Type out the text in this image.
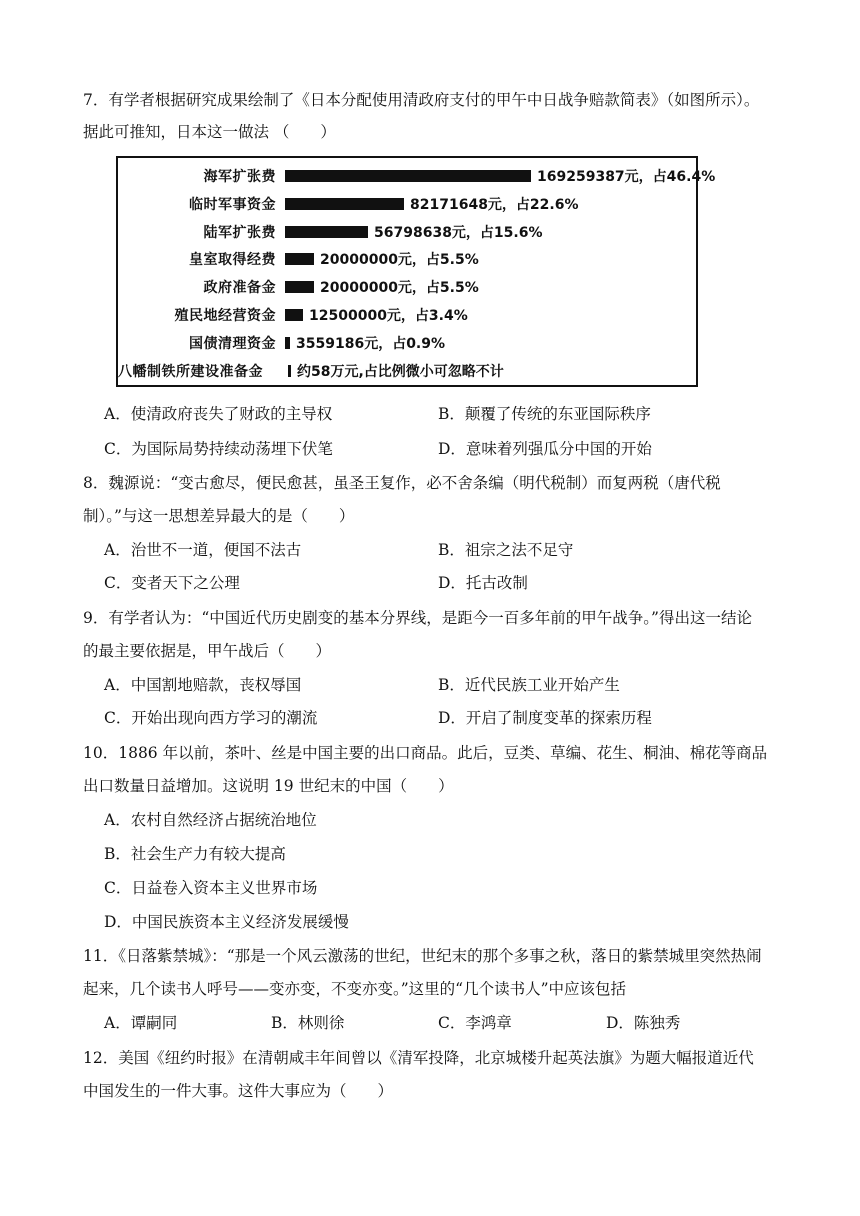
7．有学者根据研究成果绘制了《日本分配使用清政府支付的甲午中日战争赔款简表》（如图所示）。
据此可推知，日本这一做法 （　　）
海军扩张费	169259387元，占46.4%
临时军事资金	82171648元，占22.6%
陆军扩张费	56798638元，占15.6%
皇室取得经费	20000000元，占5.5%
政府准备金	20000000元，占5.5%
殖民地经营资金 12500000元，占3.4%
国债清理资金 3559186元，占0.9%
八幡制铁所建设准备金 约58万元,占比例微小可忽略不计
A．使清政府丧失了财政的主导权	B．颠覆了传统的东亚国际秩序
C．为国际局势持续动荡埋下伏笔	D．意味着列强瓜分中国的开始
8．魏源说：“变古愈尽，便民愈甚，虽圣王复作，必不舍条编（明代税制）而复两税（唐代税
制）。”与这一思想差异最大的是（　　）
A．治世不一道，便国不法古	B．祖宗之法不足守
C．变者天下之公理	D．托古改制
9．有学者认为：“中国近代历史剧变的基本分界线，是距今一百多年前的甲午战争。”得出这一结论
的最主要依据是，甲午战后（　　）
A．中国割地赔款，丧权辱国	B．近代民族工业开始产生
C．开始出现向西方学习的潮流	D．开启了制度变革的探索历程
10．1886 年以前，茶叶、丝是中国主要的出口商品。此后，豆类、草编、花生、桐油、棉花等商品
出口数量日益增加。这说明 19 世纪末的中国（　　）
A．农村自然经济占据统治地位
B．社会生产力有较大提高
C．日益卷入资本主义世界市场
D．中国民族资本主义经济发展缓慢
11．《日落紫禁城》：“那是一个风云激荡的世纪，世纪末的那个多事之秋，落日的紫禁城里突然热闹
起来，几个读书人呼号——变亦变，不变亦变。”这里的“几个读书人”中应该包括
A．谭嗣同	B．林则徐	C．李鸿章	D．陈独秀
12．美国《纽约时报》在清朝咸丰年间曾以《清军投降，北京城楼升起英法旗》为题大幅报道近代
中国发生的一件大事。这件大事应为（　　）
